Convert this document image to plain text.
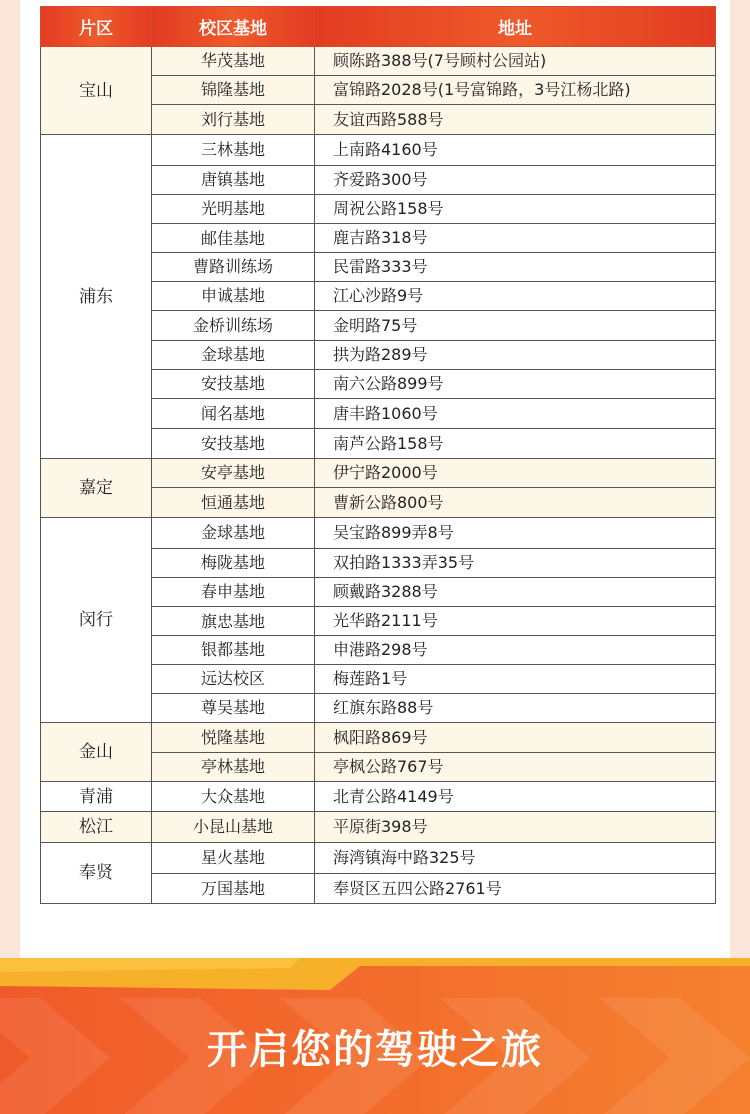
片区	校区基地	地址
宝山	华茂基地	顾陈路388号(7号顾村公园站)
	锦隆基地	富锦路2028号(1号富锦路，3号江杨北路)
	刘行基地	友谊西路588号
浦东	三林基地	上南路4160号
	唐镇基地	齐爱路300号
	光明基地	周祝公路158号
	邮佳基地	鹿吉路318号
	曹路训练场	民雷路333号
	申诚基地	江心沙路9号
	金桥训练场	金明路75号
	金球基地	拱为路289号
	安技基地	南六公路899号
	闻名基地	唐丰路1060号
	安技基地	南芦公路158号
嘉定	安亭基地	伊宁路2000号
	恒通基地	曹新公路800号
闵行	金球基地	吴宝路899弄8号
	梅陇基地	双拍路1333弄35号
	春申基地	顾戴路3288号
	旗忠基地	光华路2111号
	银都基地	申港路298号
	远达校区	梅莲路1号
	尊吴基地	红旗东路88号
金山	悦隆基地	枫阳路869号
	亭林基地	亭枫公路767号
青浦	大众基地	北青公路4149号
松江	小昆山基地	平原街398号
奉贤	星火基地	海湾镇海中路325号
	万国基地	奉贤区五四公路2761号
开启您的驾驶之旅
